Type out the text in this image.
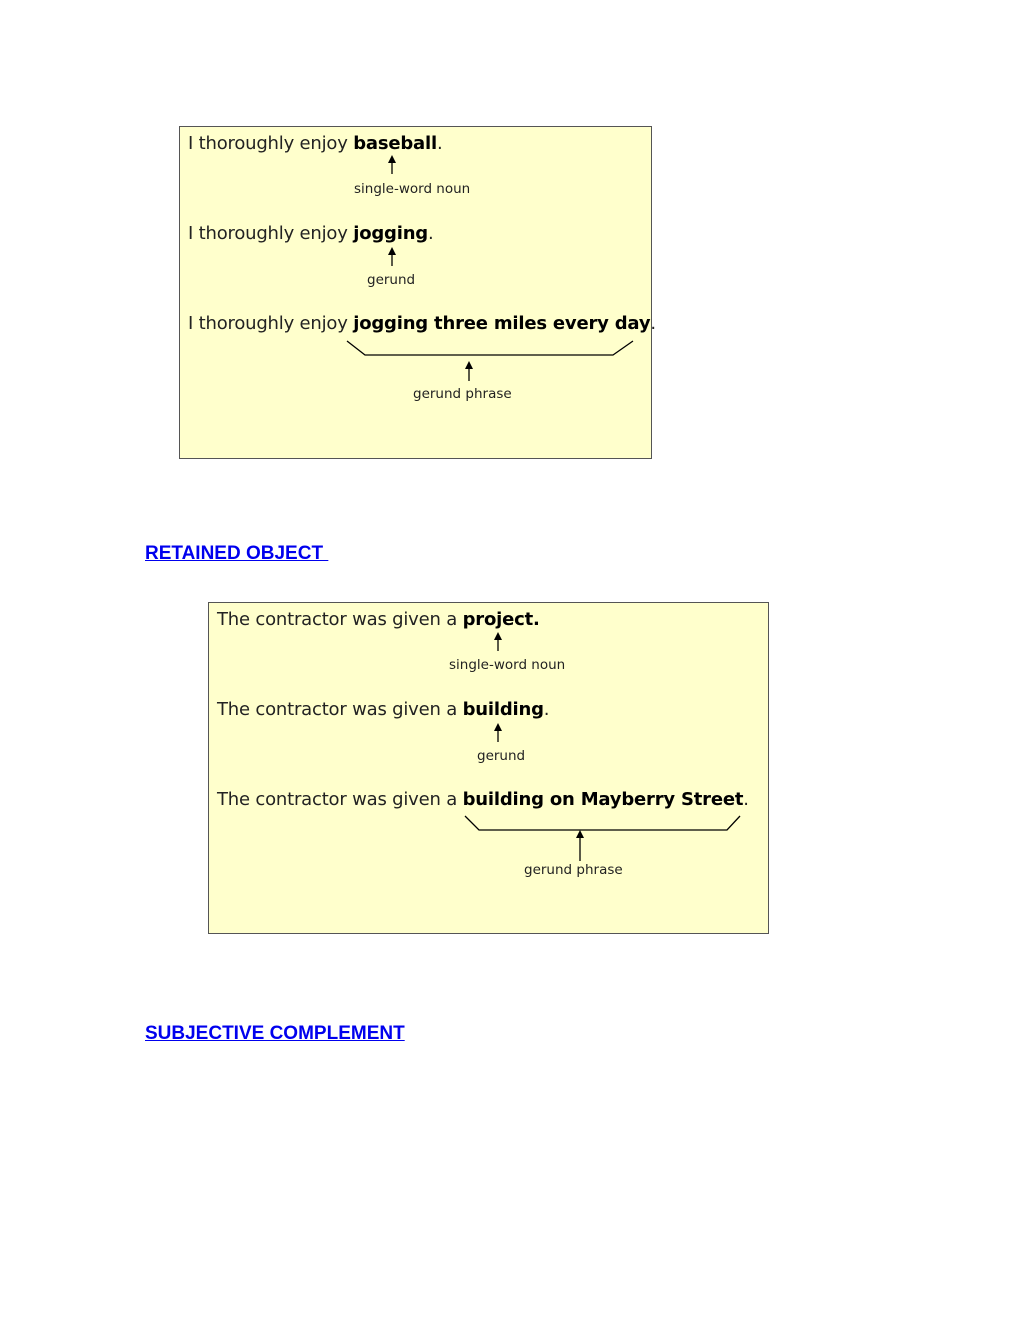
I thoroughly enjoy baseball.
single-word noun
I thoroughly enjoy jogging.
gerund
I thoroughly enjoy jogging three miles every day.
gerund phrase
RETAINED OBJECT
The contractor was given a project.
single-word noun
The contractor was given a building.
gerund
The contractor was given a building on Mayberry Street.
gerund phrase
SUBJECTIVE COMPLEMENT
